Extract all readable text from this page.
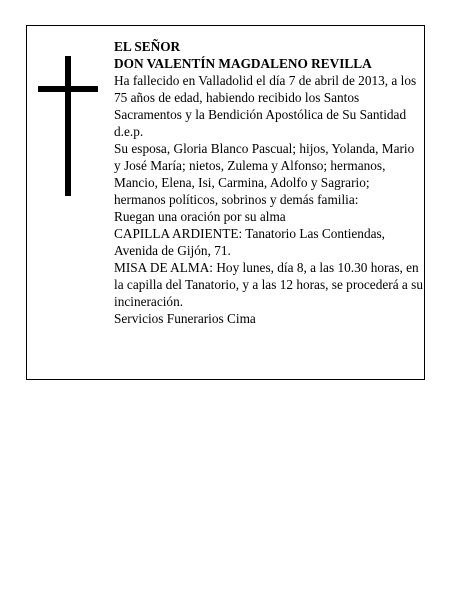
EL SEÑOR

DON VALENTÍN MAGDALENO REVILLA

Ha fallecido en Valladolid el día 7 de abril de 2013, a los 75 años de edad, habiendo recibido los Santos Sacramentos y la Bendición Apostólica de Su Santidad d.e.p.

Su esposa, Gloria Blanco Pascual; hijos, Yolanda, Mario y José María; nietos, Zulema y Alfonso; hermanos, Mancio, Elena, Isi, Carmina, Adolfo y Sagrario; hermanos políticos, sobrinos y demás familia:

Ruegan una oración por su alma

CAPILLA ARDIENTE: Tanatorio Las Contiendas, Avenida de Gijón, 71.

MISA DE ALMA: Hoy lunes, día 8, a las 10.30 horas, en la capilla del Tanatorio, y a las 12 horas, se procederá a su incineración.

Servicios Funerarios Cima
